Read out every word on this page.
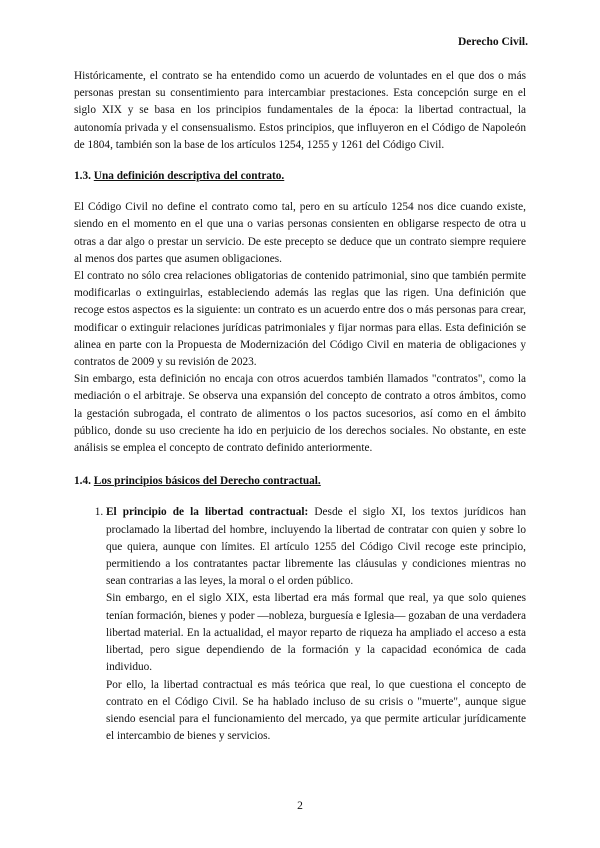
Derecho Civil.

Históricamente, el contrato se ha entendido como un acuerdo de voluntades en el que dos o más personas prestan su consentimiento para intercambiar prestaciones. Esta concepción surge en el siglo XIX y se basa en los principios fundamentales de la época: la libertad contractual, la autonomía privada y el consensualismo. Estos principios, que influyeron en el Código de Napoleón de 1804, también son la base de los artículos 1254, 1255 y 1261 del Código Civil.

1.3. Una definición descriptiva del contrato.

El Código Civil no define el contrato como tal, pero en su artículo 1254 nos dice cuando existe, siendo en el momento en el que una o varias personas consienten en obligarse respecto de otra u otras a dar algo o prestar un servicio. De este precepto se deduce que un contrato siempre requiere al menos dos partes que asumen obligaciones.

El contrato no sólo crea relaciones obligatorias de contenido patrimonial, sino que también permite modificarlas o extinguirlas, estableciendo además las reglas que las rigen. Una definición que recoge estos aspectos es la siguiente: un contrato es un acuerdo entre dos o más personas para crear, modificar o extinguir relaciones jurídicas patrimoniales y fijar normas para ellas. Esta definición se alinea en parte con la Propuesta de Modernización del Código Civil en materia de obligaciones y contratos de 2009 y su revisión de 2023.

Sin embargo, esta definición no encaja con otros acuerdos también llamados "contratos", como la mediación o el arbitraje. Se observa una expansión del concepto de contrato a otros ámbitos, como la gestación subrogada, el contrato de alimentos o los pactos sucesorios, así como en el ámbito público, donde su uso creciente ha ido en perjuicio de los derechos sociales. No obstante, en este análisis se emplea el concepto de contrato definido anteriormente.

1.4. Los principios básicos del Derecho contractual.

1. El principio de la libertad contractual: Desde el siglo XI, los textos jurídicos han proclamado la libertad del hombre, incluyendo la libertad de contratar con quien y sobre lo que quiera, aunque con límites. El artículo 1255 del Código Civil recoge este principio, permitiendo a los contratantes pactar libremente las cláusulas y condiciones mientras no sean contrarias a las leyes, la moral o el orden público.

Sin embargo, en el siglo XIX, esta libertad era más formal que real, ya que solo quienes tenían formación, bienes y poder —nobleza, burguesía e Iglesia— gozaban de una verdadera libertad material. En la actualidad, el mayor reparto de riqueza ha ampliado el acceso a esta libertad, pero sigue dependiendo de la formación y la capacidad económica de cada individuo.

Por ello, la libertad contractual es más teórica que real, lo que cuestiona el concepto de contrato en el Código Civil. Se ha hablado incluso de su crisis o "muerte", aunque sigue siendo esencial para el funcionamiento del mercado, ya que permite articular jurídicamente el intercambio de bienes y servicios.

2
